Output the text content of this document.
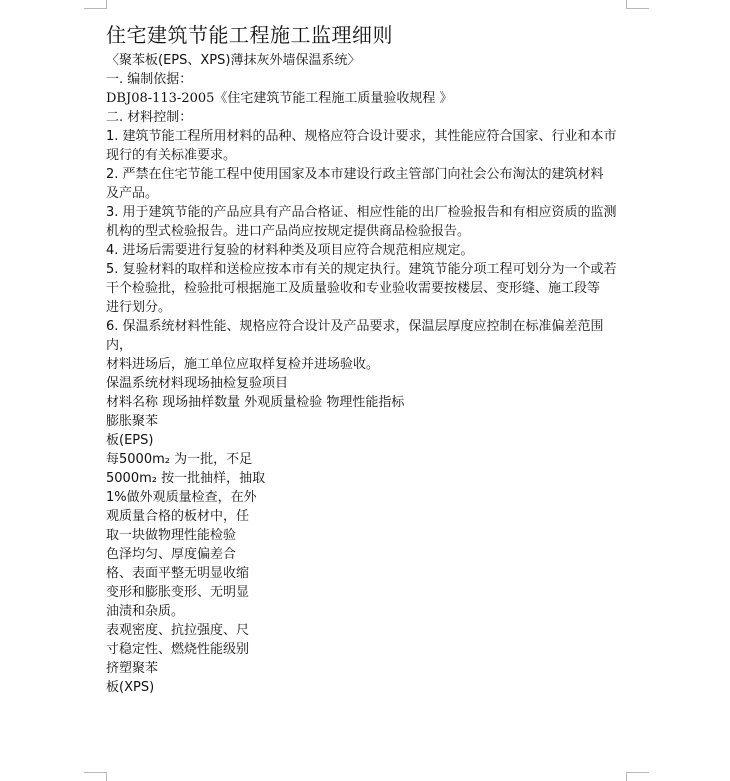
住宅建筑节能工程施工监理细则

〈聚苯板(EPS、XPS)薄抹灰外墙保温系统〉

一. 编制依据：

DBJ08-113-2005《住宅建筑节能工程施工质量验收规程 》

二. 材料控制：

1. 建筑节能工程所用材料的品种、规格应符合设计要求，其性能应符合国家、行业和本市

现行的有关标准要求。

2. 严禁在住宅节能工程中使用国家及本市建设行政主管部门向社会公布淘汰的建筑材料

及产品。

3. 用于建筑节能的产品应具有产品合格证、相应性能的出厂检验报告和有相应资质的监测

机构的型式检验报告。进口产品尚应按规定提供商品检验报告。

4. 进场后需要进行复验的材料种类及项目应符合规范相应规定。

5. 复验材料的取样和送检应按本市有关的规定执行。建筑节能分项工程可划分为一个或若

干个检验批，检验批可根据施工及质量验收和专业验收需要按楼层、变形缝、施工段等

进行划分。

6. 保温系统材料性能、规格应符合设计及产品要求，保温层厚度应控制在标准偏差范围内，

材料进场后，施工单位应取样复检并进场验收。

保温系统材料现场抽检复验项目

材料名称 现场抽样数量 外观质量检验 物理性能指标

膨胀聚苯

板(EPS)

每5000m₂ 为一批，不足

5000m₂ 按一批抽样，抽取

1%做外观质量检查，在外

观质量合格的板材中，任

取一块做物理性能检验

色泽均匀、厚度偏差合

格、表面平整无明显收缩

变形和膨胀变形、无明显

油渍和杂质。

表观密度、抗拉强度、尺

寸稳定性、燃烧性能级别

挤塑聚苯

板(XPS)
